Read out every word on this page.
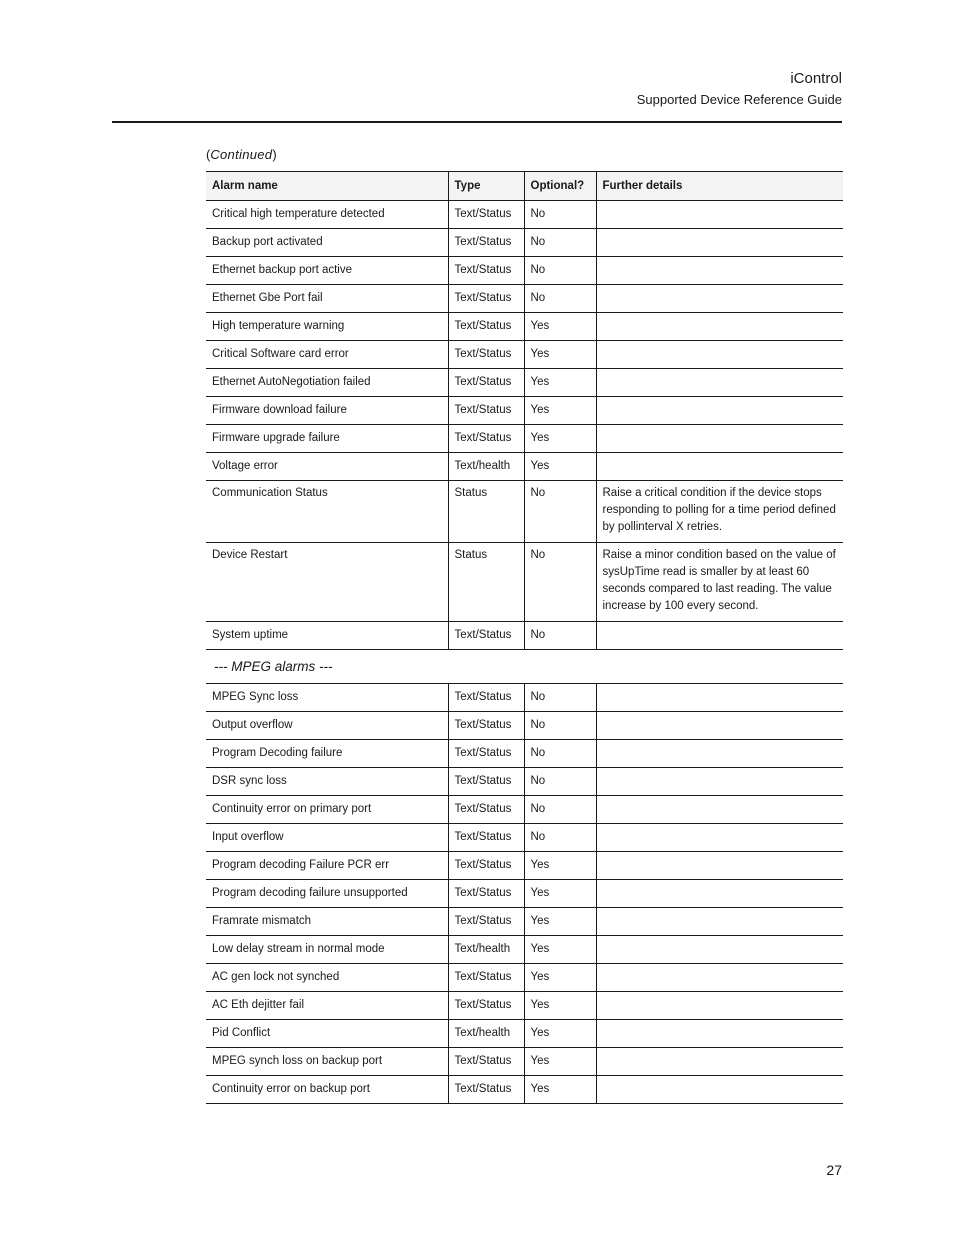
iControl
Supported Device Reference Guide
(Continued)
Alarm name	Type	Optional?	Further details
Critical high temperature detected	Text/Status	No	
Backup port activated	Text/Status	No	
Ethernet backup port active	Text/Status	No	
Ethernet Gbe Port fail	Text/Status	No	
High temperature warning	Text/Status	Yes	
Critical Software card error	Text/Status	Yes	
Ethernet AutoNegotiation failed	Text/Status	Yes	
Firmware download failure	Text/Status	Yes	
Firmware upgrade failure	Text/Status	Yes	
Voltage error	Text/health	Yes	
Communication Status	Status	No	Raise a critical condition if the device stops responding to polling for a time period defined by pollinterval X retries.
Device Restart	Status	No	Raise a minor condition based on the value of sysUpTime read is smaller by at least 60 seconds compared to last reading. The value increase by 100 every second.
System uptime	Text/Status	No	
--- MPEG alarms ---			
MPEG Sync loss	Text/Status	No	
Output overflow	Text/Status	No	
Program Decoding failure	Text/Status	No	
DSR sync loss	Text/Status	No	
Continuity error on primary port	Text/Status	No	
Input overflow	Text/Status	No	
Program decoding Failure PCR err	Text/Status	Yes	
Program decoding failure unsupported	Text/Status	Yes	
Framrate mismatch	Text/Status	Yes	
Low delay stream in normal mode	Text/health	Yes	
AC gen lock not synched	Text/Status	Yes	
AC Eth dejitter fail	Text/Status	Yes	
Pid Conflict	Text/health	Yes	
MPEG synch loss on backup port	Text/Status	Yes	
Continuity error on backup port	Text/Status	Yes	
27
